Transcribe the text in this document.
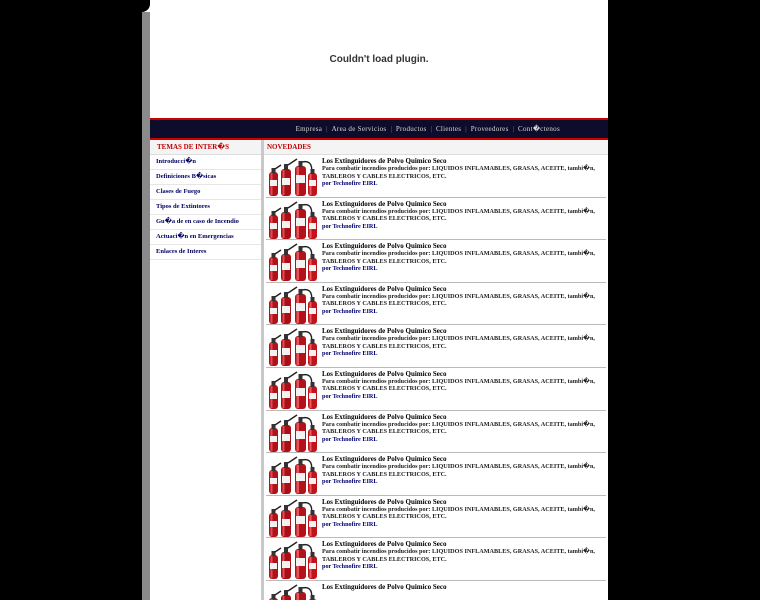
Couldn't load plugin.
Empresa | Area de Servicios | Productos | Clientes | Proveedores | Cont�ctenos
TEMAS DE INTER�S
Introducci�n
Definiciones B�sicas
Clases de Fuego
Tipos de Extintores
Gu�a de en caso de Incendio
Actuaci�n en Emergencias
Enlaces de Interes
NOVEDADES
Los Extinguidores de Polvo Quimico Seco
Para combatir incendios producidos por: LIQUIDOS INFLAMABLES, GRASAS, ACEITE, tambi�n, TABLEROS Y CABLES ELECTRICOS, ETC.
por Technofire EIRL
Los Extinguidores de Polvo Quimico Seco
Para combatir incendios producidos por: LIQUIDOS INFLAMABLES, GRASAS, ACEITE, tambi�n, TABLEROS Y CABLES ELECTRICOS, ETC.
por Technofire EIRL
Los Extinguidores de Polvo Quimico Seco
Para combatir incendios producidos por: LIQUIDOS INFLAMABLES, GRASAS, ACEITE, tambi�n, TABLEROS Y CABLES ELECTRICOS, ETC.
por Technofire EIRL
Los Extinguidores de Polvo Quimico Seco
Para combatir incendios producidos por: LIQUIDOS INFLAMABLES, GRASAS, ACEITE, tambi�n, TABLEROS Y CABLES ELECTRICOS, ETC.
por Technofire EIRL
Los Extinguidores de Polvo Quimico Seco
Para combatir incendios producidos por: LIQUIDOS INFLAMABLES, GRASAS, ACEITE, tambi�n, TABLEROS Y CABLES ELECTRICOS, ETC.
por Technofire EIRL
Los Extinguidores de Polvo Quimico Seco
Para combatir incendios producidos por: LIQUIDOS INFLAMABLES, GRASAS, ACEITE, tambi�n, TABLEROS Y CABLES ELECTRICOS, ETC.
por Technofire EIRL
Los Extinguidores de Polvo Quimico Seco
Para combatir incendios producidos por: LIQUIDOS INFLAMABLES, GRASAS, ACEITE, tambi�n, TABLEROS Y CABLES ELECTRICOS, ETC.
por Technofire EIRL
Los Extinguidores de Polvo Quimico Seco
Para combatir incendios producidos por: LIQUIDOS INFLAMABLES, GRASAS, ACEITE, tambi�n, TABLEROS Y CABLES ELECTRICOS, ETC.
por Technofire EIRL
Los Extinguidores de Polvo Quimico Seco
Para combatir incendios producidos por: LIQUIDOS INFLAMABLES, GRASAS, ACEITE, tambi�n, TABLEROS Y CABLES ELECTRICOS, ETC.
por Technofire EIRL
Los Extinguidores de Polvo Quimico Seco
Para combatir incendios producidos por: LIQUIDOS INFLAMABLES, GRASAS, ACEITE, tambi�n, TABLEROS Y CABLES ELECTRICOS, ETC.
por Technofire EIRL
Los Extinguidores de Polvo Quimico Seco
